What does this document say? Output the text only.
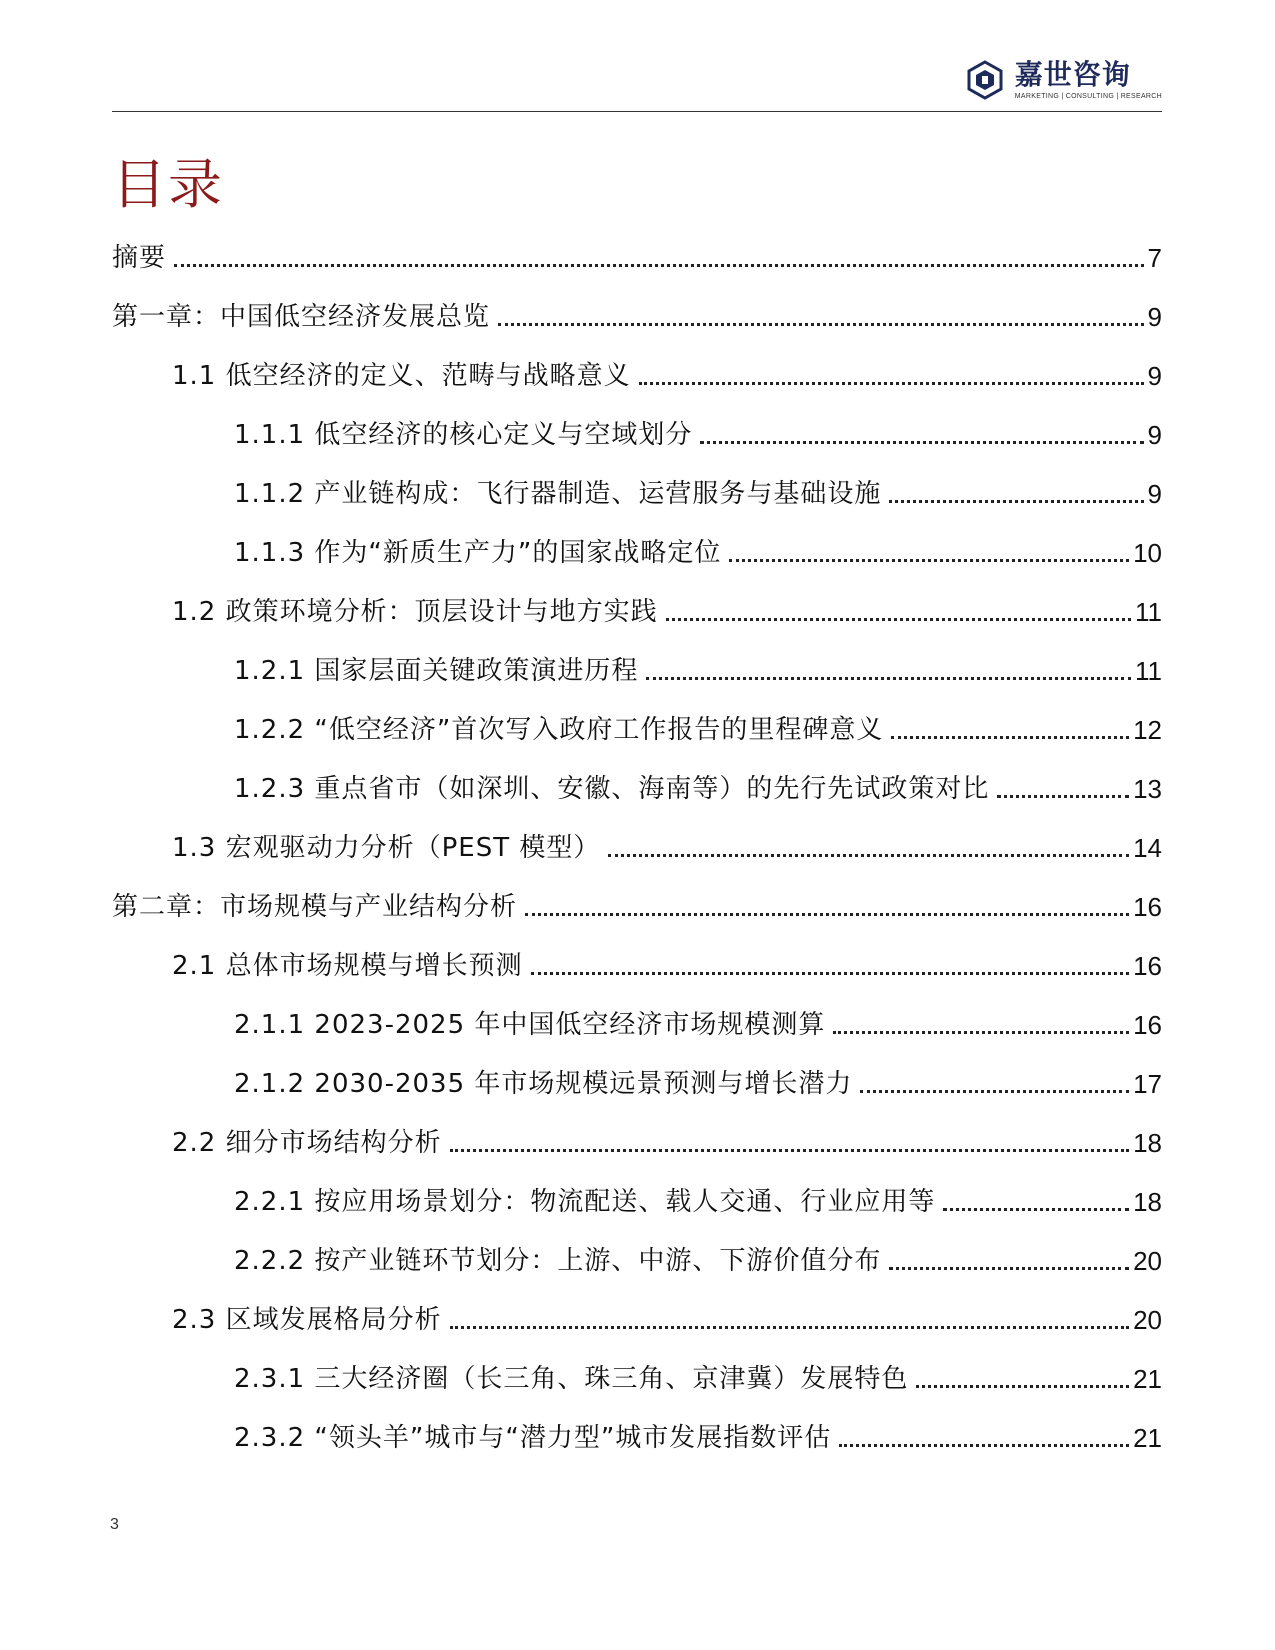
嘉世咨询
MARKETING | CONSULTING | RESEARCH
目录
摘要	7
第一章：中国低空经济发展总览	9
1.1 低空经济的定义、范畴与战略意义	9
1.1.1 低空经济的核心定义与空域划分	9
1.1.2 产业链构成：飞行器制造、运营服务与基础设施	9
1.1.3 作为“新质生产力”的国家战略定位	10
1.2 政策环境分析：顶层设计与地方实践	11
1.2.1 国家层面关键政策演进历程	11
1.2.2 “低空经济”首次写入政府工作报告的里程碑意义	12
1.2.3 重点省市（如深圳、安徽、海南等）的先行先试政策对比	13
1.3 宏观驱动力分析（PEST 模型）	14
第二章：市场规模与产业结构分析	16
2.1 总体市场规模与增长预测	16
2.1.1 2023-2025 年中国低空经济市场规模测算	16
2.1.2 2030-2035 年市场规模远景预测与增长潜力	17
2.2 细分市场结构分析	18
2.2.1 按应用场景划分：物流配送、载人交通、行业应用等	18
2.2.2 按产业链环节划分：上游、中游、下游价值分布	20
2.3 区域发展格局分析	20
2.3.1 三大经济圈（长三角、珠三角、京津冀）发展特色	21
2.3.2 “领头羊”城市与“潜力型”城市发展指数评估	21
3
